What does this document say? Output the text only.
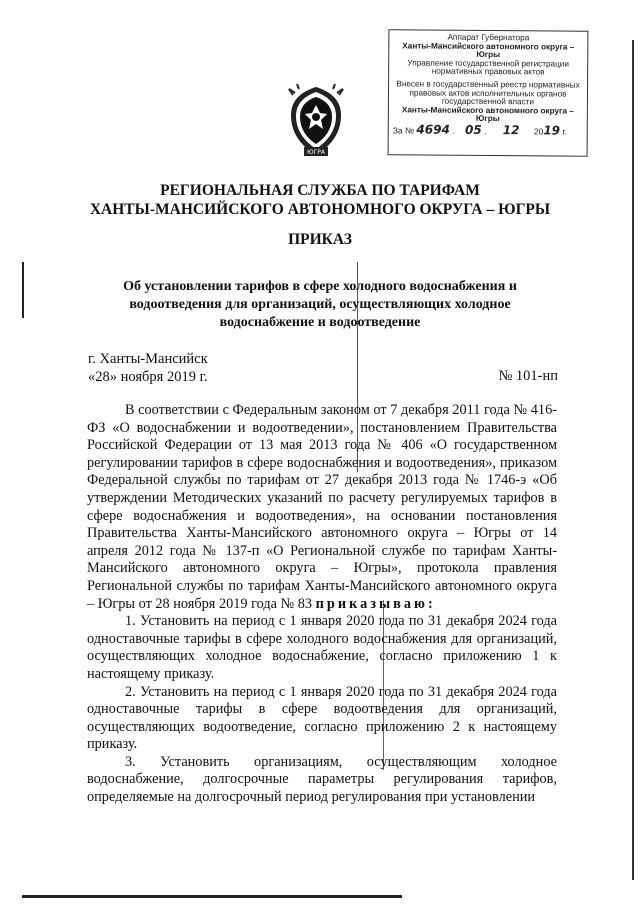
Аппарат Губернатора
Ханты-Мансийского автономного округа – Югры
Управление государственной регистрации
нормативных правовых актов
Внесен в государственный реестр нормативных
правовых актов исполнительных органов
государственной власти
Ханты-Мансийского автономного округа – Югры
За № 4694 . 05 . 12 2019 г.
ЮГРА
РЕГИОНАЛЬНАЯ СЛУЖБА ПО ТАРИФАМ
ХАНТЫ-МАНСИЙСКОГО АВТОНОМНОГО ОКРУГА – ЮГРЫ
ПРИКАЗ
Об установлении тарифов в сфере холодного водоснабжения и
водоотведения для организаций, осуществляющих холодное
водоснабжение и водоотведение
г. Ханты-Мансийск
«28» ноября 2019 г.	№ 101-нп

В соответствии с Федеральным законом от 7 декабря 2011 года № 416-ФЗ «О водоснабжении и водоотведении», постановлением Правительства Российской Федерации от 13 мая 2013 года № 406 «О государственном регулировании тарифов в сфере водоснабжения и водоотведения», приказом Федеральной службы по тарифам от 27 декабря 2013 года № 1746-э «Об утверждении Методических указаний по расчету регулируемых тарифов в сфере водоснабжения и водоотведения», на основании постановления Правительства Ханты-Мансийского автономного округа – Югры от 14 апреля 2012 года № 137-п «О Региональной службе по тарифам Ханты-Мансийского автономного округа – Югры», протокола правления Региональной службы по тарифам Ханты-Мансийского автономного округа – Югры от 28 ноября 2019 года № 83 приказываю:

1. Установить на период с 1 января 2020 года по 31 декабря 2024 года одноставочные тарифы в сфере холодного водоснабжения для организаций, осуществляющих холодное водоснабжение, согласно приложению 1 к настоящему приказу.

2. Установить на период с 1 января 2020 года по 31 декабря 2024 года одноставочные тарифы в сфере водоотведения для организаций, осуществляющих водоотведение, согласно приложению 2 к настоящему приказу.

3. Установить организациям, осуществляющим холодное водоснабжение, долгосрочные параметры регулирования тарифов, определяемые на долгосрочный период регулирования при установлении
